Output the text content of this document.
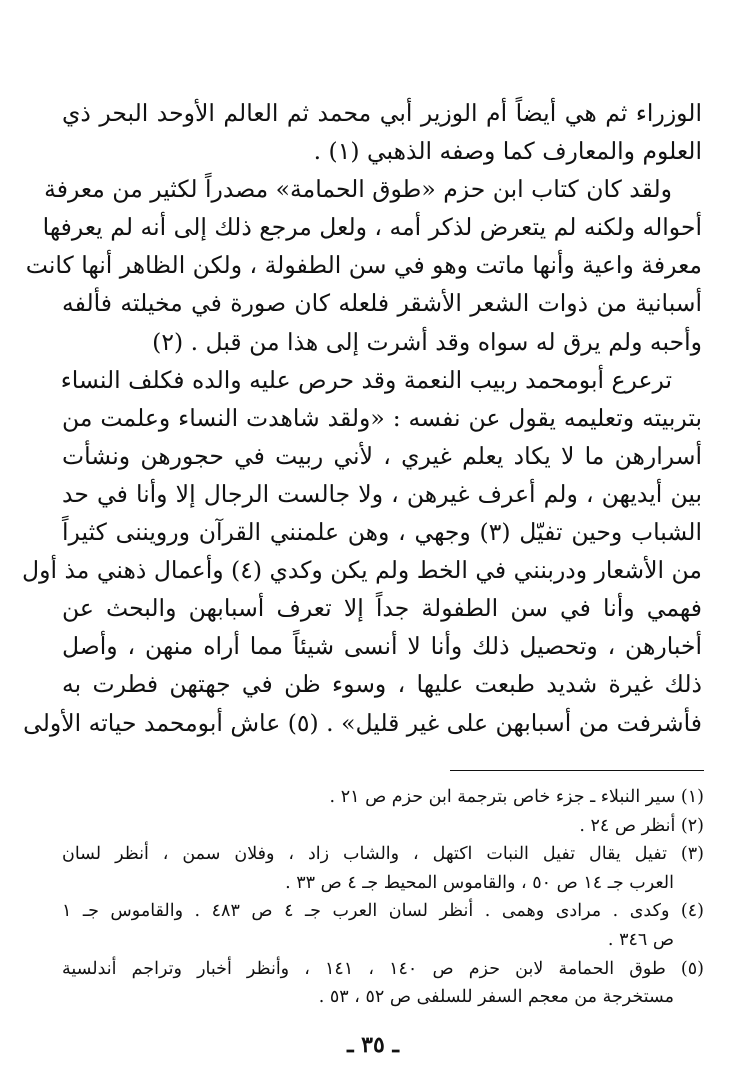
الوزراء ثم هي أيضاً أم الوزير أبي محمد ثم العالم الأوحد البحر ذي
العلوم والمعارف كما وصفه الذهبي (١) .
ولقد كان كتاب ابن حزم «طوق الحمامة» مصدراً لكثير من معرفة
أحواله ولكنه لم يتعرض لذكر أمه ، ولعل مرجع ذلك إلى أنه لم يعرفها
معرفة واعية وأنها ماتت وهو في سن الطفولة ، ولكن الظاهر أنها كانت
أسبانية من ذوات الشعر الأشقر فلعله كان صورة في مخيلته فألفه
وأحبه ولم يرق له سواه وقد أشرت إلى هذا من قبل . (٢)
ترعرع أبومحمد ربيب النعمة وقد حرص عليه والده فكلف النساء
بتربيته وتعليمه يقول عن نفسه : «ولقد شاهدت النساء وعلمت من
أسرارهن ما لا يكاد يعلم غيري ، لأني ربيت في حجورهن ونشأت
بين أيديهن ، ولم أعرف غيرهن ، ولا جالست الرجال إلا وأنا في حد
الشباب وحين تفيّل (٣) وجهي ، وهن علمنني القرآن ورويننى كثيراً
من الأشعار ودربنني في الخط ولم يكن وكدي (٤) وأعمال ذهني مذ أول
فهمي وأنا في سن الطفولة جداً إلا تعرف أسبابهن والبحث عن
أخبارهن ، وتحصيل ذلك وأنا لا أنسى شيئاً مما أراه منهن ، وأصل
ذلك غيرة شديد طبعت عليها ، وسوء ظن في جهتهن فطرت به
فأشرفت من أسبابهن على غير قليل» . (٥) عاش أبومحمد حياته الأولى
(١) سير النبلاء ـ جزء خاص بترجمة ابن حزم ص ٢١ .
(٢) أنظر ص ٢٤ .
(٣) تفيل يقال تفيل النبات اكتهل ، والشاب زاد ، وفلان سمن ، أنظر لسان
العرب جـ ١٤ ص ٥٠ ، والقاموس المحيط جـ ٤ ص ٣٣ .
(٤) وكدى . مرادى وهمى . أنظر لسان العرب جـ ٤ ص ٤٨٣ . والقاموس جـ ١
ص ٣٤٦ .
(٥) طوق الحمامة لابن حزم ص ١٤٠ ، ١٤١ ، وأنظر أخبار وتراجم أندلسية
مستخرجة من معجم السفر للسلفى ص ٥٢ ، ٥٣ .
ـ ٣٥ ـ
